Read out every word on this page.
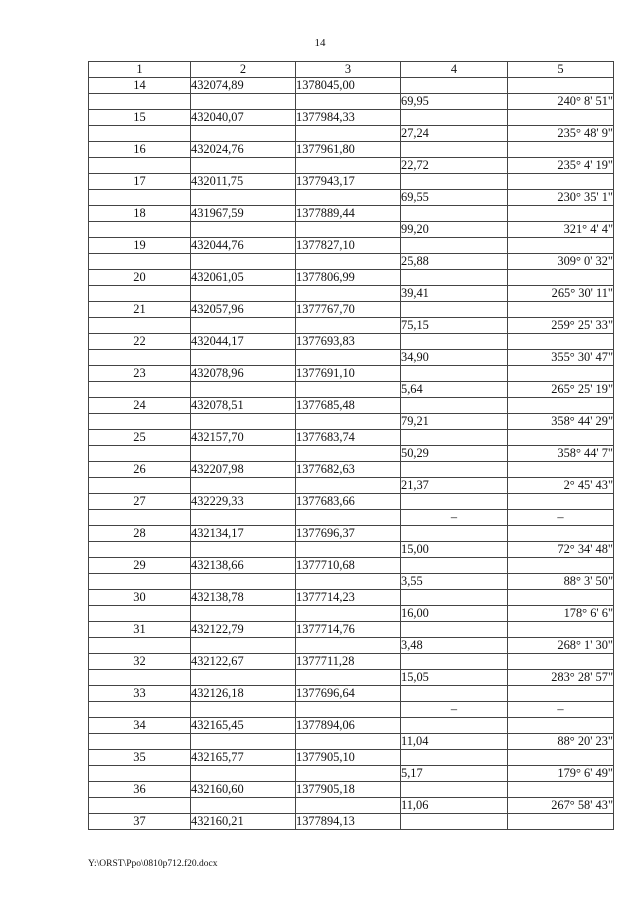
14
1	2	3	4	5
14	432074,89	1378045,00		
			69,95	240° 8' 51"
15	432040,07	1377984,33		
			27,24	235° 48' 9"
16	432024,76	1377961,80		
			22,72	235° 4' 19"
17	432011,75	1377943,17		
			69,55	230° 35' 1"
18	431967,59	1377889,44		
			99,20	321° 4' 4"
19	432044,76	1377827,10		
			25,88	309° 0' 32"
20	432061,05	1377806,99		
			39,41	265° 30' 11"
21	432057,96	1377767,70		
			75,15	259° 25' 33"
22	432044,17	1377693,83		
			34,90	355° 30' 47"
23	432078,96	1377691,10		
			5,64	265° 25' 19"
24	432078,51	1377685,48		
			79,21	358° 44' 29"
25	432157,70	1377683,74		
			50,29	358° 44' 7"
26	432207,98	1377682,63		
			21,37	2° 45' 43"
27	432229,33	1377683,66		
			–	–
28	432134,17	1377696,37		
			15,00	72° 34' 48"
29	432138,66	1377710,68		
			3,55	88° 3' 50"
30	432138,78	1377714,23		
			16,00	178° 6' 6"
31	432122,79	1377714,76		
			3,48	268° 1' 30"
32	432122,67	1377711,28		
			15,05	283° 28' 57"
33	432126,18	1377696,64		
			–	–
34	432165,45	1377894,06		
			11,04	88° 20' 23"
35	432165,77	1377905,10		
			5,17	179° 6' 49"
36	432160,60	1377905,18		
			11,06	267° 58' 43"
37	432160,21	1377894,13		
Y:\ORST\Ppo\0810p712.f20.docx
